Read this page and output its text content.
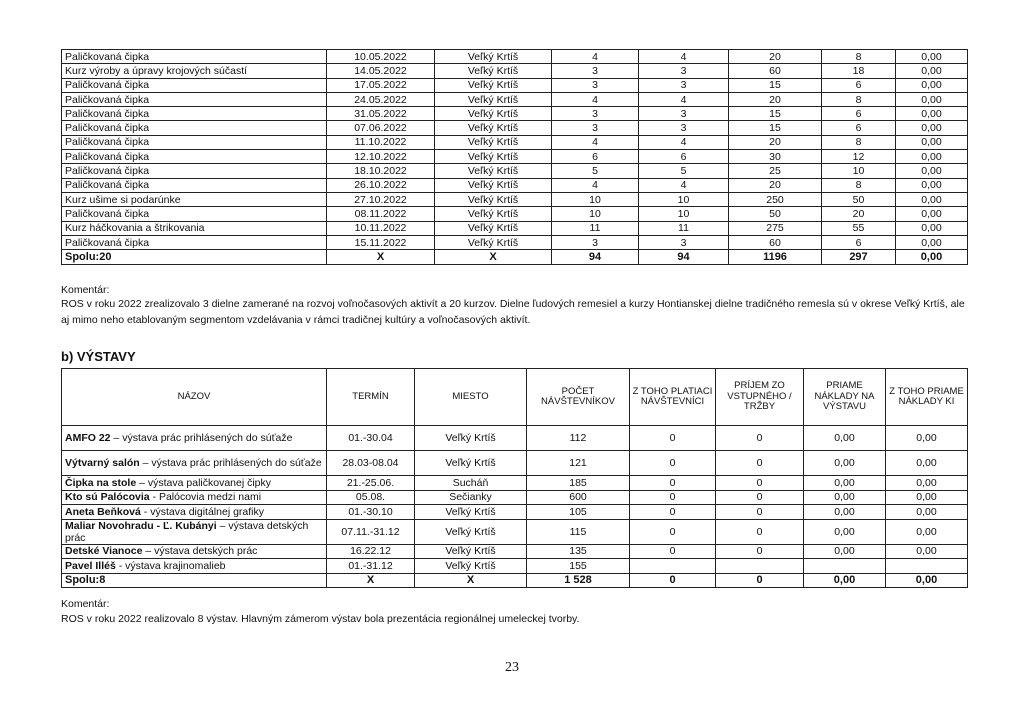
Paličkovaná čipka	10.05.2022	Veľký Krtíš	4	4	20	8	0,00
Kurz výroby a úpravy krojových súčastí	14.05.2022	Veľký Krtíš	3	3	60	18	0,00
Paličkovaná čipka	17.05.2022	Veľký Krtíš	3	3	15	6	0,00
Paličkovaná čipka	24.05.2022	Veľký Krtíš	4	4	20	8	0,00
Paličkovaná čipka	31.05.2022	Veľký Krtíš	3	3	15	6	0,00
Paličkovaná čipka	07.06.2022	Veľký Krtíš	3	3	15	6	0,00
Paličkovaná čipka	11.10.2022	Veľký Krtíš	4	4	20	8	0,00
Paličkovaná čipka	12.10.2022	Veľký Krtíš	6	6	30	12	0,00
Paličkovaná čipka	18.10.2022	Veľký Krtíš	5	5	25	10	0,00
Paličkovaná čipka	26.10.2022	Veľký Krtíš	4	4	20	8	0,00
Kurz ušime si podarúnke	27.10.2022	Veľký Krtíš	10	10	250	50	0,00
Paličkovaná čipka	08.11.2022	Veľký Krtíš	10	10	50	20	0,00
Kurz háčkovania a štrikovania	10.11.2022	Veľký Krtíš	11	11	275	55	0,00
Paličkovaná čipka	15.11.2022	Veľký Krtíš	3	3	60	6	0,00
Spolu:20	X	X	94	94	1196	297	0,00
Komentár:
ROS v roku 2022 zrealizovalo 3 dielne zamerané na rozvoj voľnočasových aktivít a 20 kurzov. Dielne ľudových remesiel a kurzy Hontianskej dielne tradičného remesla sú v okrese Veľký Krtíš, ale aj mimo neho etablovaným segmentom vzdelávania v rámci tradičnej kultúry a voľnočasových aktivít.
b) VÝSTAVY
NÁZOV	TERMÍN	MIESTO	POČET NÁVŠTEVNÍKOV	Z TOHO PLATIACI NÁVŠTEVNÍCI	PRÍJEM ZO VSTUPNÉHO / TRŽBY	PRIAME NÁKLADY NA VÝSTAVU	Z TOHO PRIAME NÁKLADY KI
AMFO 22 – výstava prác prihlásených do súťaže	01.-30.04	Veľký Krtíš	112	0	0	0,00	0,00
Výtvarný salón – výstava prác prihlásených do súťaže	28.03-08.04	Veľký Krtíš	121	0	0	0,00	0,00
Čipka na stole – výstava paličkovanej čipky	21.-25.06.	Sucháň	185	0	0	0,00	0,00
Kto sú Palócovia - Palócovia medzi nami	05.08.	Sečianky	600	0	0	0,00	0,00
Aneta Beňková - výstava digitálnej grafiky	01.-30.10	Veľký Krtíš	105	0	0	0,00	0,00
Maliar Novohradu - Ľ. Kubányi – výstava detských prác	07.11.-31.12	Veľký Krtíš	115	0	0	0,00	0,00
Detské Vianoce – výstava detských prác	16.22.12	Veľký Krtíš	135	0	0	0,00	0,00
Pavel Illéš - výstava krajinomalieb	01.-31.12	Veľký Krtíš	155				
Spolu:8	X	X	1 528	0	0	0,00	0,00
Komentár:
ROS v roku 2022 realizovalo 8 výstav. Hlavným zámerom výstav bola prezentácia regionálnej umeleckej tvorby.
23
